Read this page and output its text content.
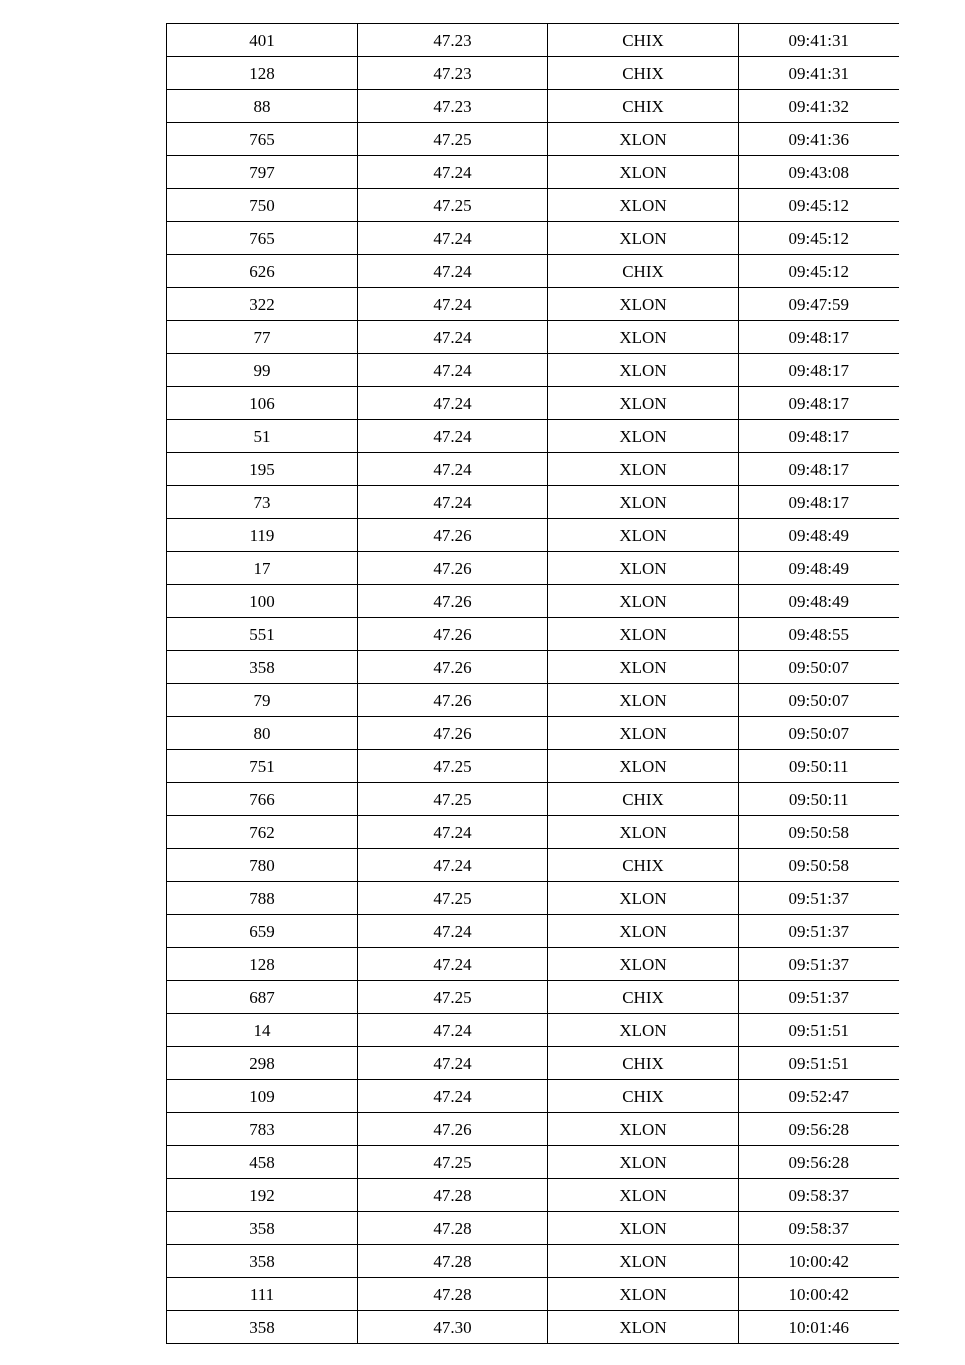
401	47.23	CHIX	09:41:31
128	47.23	CHIX	09:41:31
88	47.23	CHIX	09:41:32
765	47.25	XLON	09:41:36
797	47.24	XLON	09:43:08
750	47.25	XLON	09:45:12
765	47.24	XLON	09:45:12
626	47.24	CHIX	09:45:12
322	47.24	XLON	09:47:59
77	47.24	XLON	09:48:17
99	47.24	XLON	09:48:17
106	47.24	XLON	09:48:17
51	47.24	XLON	09:48:17
195	47.24	XLON	09:48:17
73	47.24	XLON	09:48:17
119	47.26	XLON	09:48:49
17	47.26	XLON	09:48:49
100	47.26	XLON	09:48:49
551	47.26	XLON	09:48:55
358	47.26	XLON	09:50:07
79	47.26	XLON	09:50:07
80	47.26	XLON	09:50:07
751	47.25	XLON	09:50:11
766	47.25	CHIX	09:50:11
762	47.24	XLON	09:50:58
780	47.24	CHIX	09:50:58
788	47.25	XLON	09:51:37
659	47.24	XLON	09:51:37
128	47.24	XLON	09:51:37
687	47.25	CHIX	09:51:37
14	47.24	XLON	09:51:51
298	47.24	CHIX	09:51:51
109	47.24	CHIX	09:52:47
783	47.26	XLON	09:56:28
458	47.25	XLON	09:56:28
192	47.28	XLON	09:58:37
358	47.28	XLON	09:58:37
358	47.28	XLON	10:00:42
111	47.28	XLON	10:00:42
358	47.30	XLON	10:01:46
